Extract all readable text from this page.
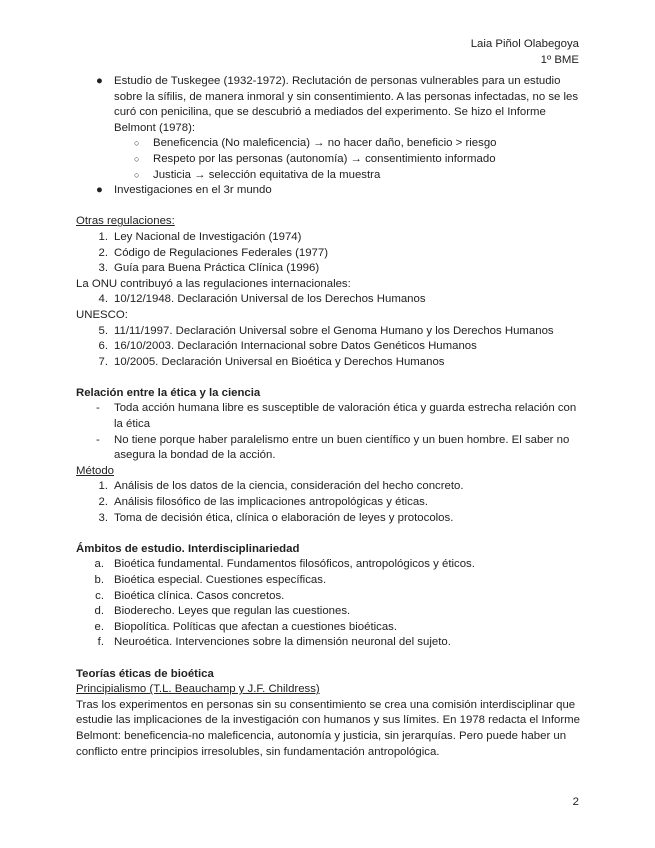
Laia Piñol Olabegoya
1º BME
● Estudio de Tuskegee (1932-1972). Reclutación de personas vulnerables para un estudio sobre la sífilis, de manera inmoral y sin consentimiento. A las personas infectadas, no se les curó con penicilina, que se descubrió a mediados del experimento. Se hizo el Informe Belmont (1978):
○	Beneficencia (No maleficencia) → no hacer daño, beneficio > riesgo
○	Respeto por las personas (autonomía) → consentimiento informado
○	Justicia → selección equitativa de la muestra
● Investigaciones en el 3r mundo

Otras regulaciones:

1. Ley Nacional de Investigación (1974)
2. Código de Regulaciones Federales (1977)
3. Guía para Buena Práctica Clínica (1996)

La ONU contribuyó a las regulaciones internacionales:

4. 10/12/1948. Declaración Universal de los Derechos Humanos

UNESCO:

5. 11/11/1997. Declaración Universal sobre el Genoma Humano y los Derechos Humanos
6. 16/10/2003. Declaración Internacional sobre Datos Genéticos Humanos
7. 10/2005. Declaración Universal en Bioética y Derechos Humanos

Relación entre la ética y la ciencia

-	Toda acción humana libre es susceptible de valoración ética y guarda estrecha relación con la ética
-	No tiene porque haber paralelismo entre un buen científico y un buen hombre. El saber no asegura la bondad de la acción.

Método

1. Análisis de los datos de la ciencia, consideración del hecho concreto.
2. Análisis filosófico de las implicaciones antropológicas y éticas.
3. Toma de decisión ética, clínica o elaboración de leyes y protocolos.

Ámbitos de estudio. Interdisciplinariedad

a. Bioética fundamental. Fundamentos filosóficos, antropológicos y éticos.
b. Bioética especial. Cuestiones específicas.
c. Bioética clínica. Casos concretos.
d. Bioderecho. Leyes que regulan las cuestiones.
e. Biopolítica. Políticas que afectan a cuestiones bioéticas.
f. Neuroética. Intervenciones sobre la dimensión neuronal del sujeto.

Teorías éticas de bioética

Principialismo (T.L. Beauchamp y J.F. Childress)

Tras los experimentos en personas sin su consentimiento se crea una comisión interdisciplinar que estudie las implicaciones de la investigación con humanos y sus límites. En 1978 redacta el Informe Belmont: beneficencia-no maleficencia, autonomía y justicia, sin jerarquías. Pero puede haber un conflicto entre principios irresolubles, sin fundamentación antropológica.

2
